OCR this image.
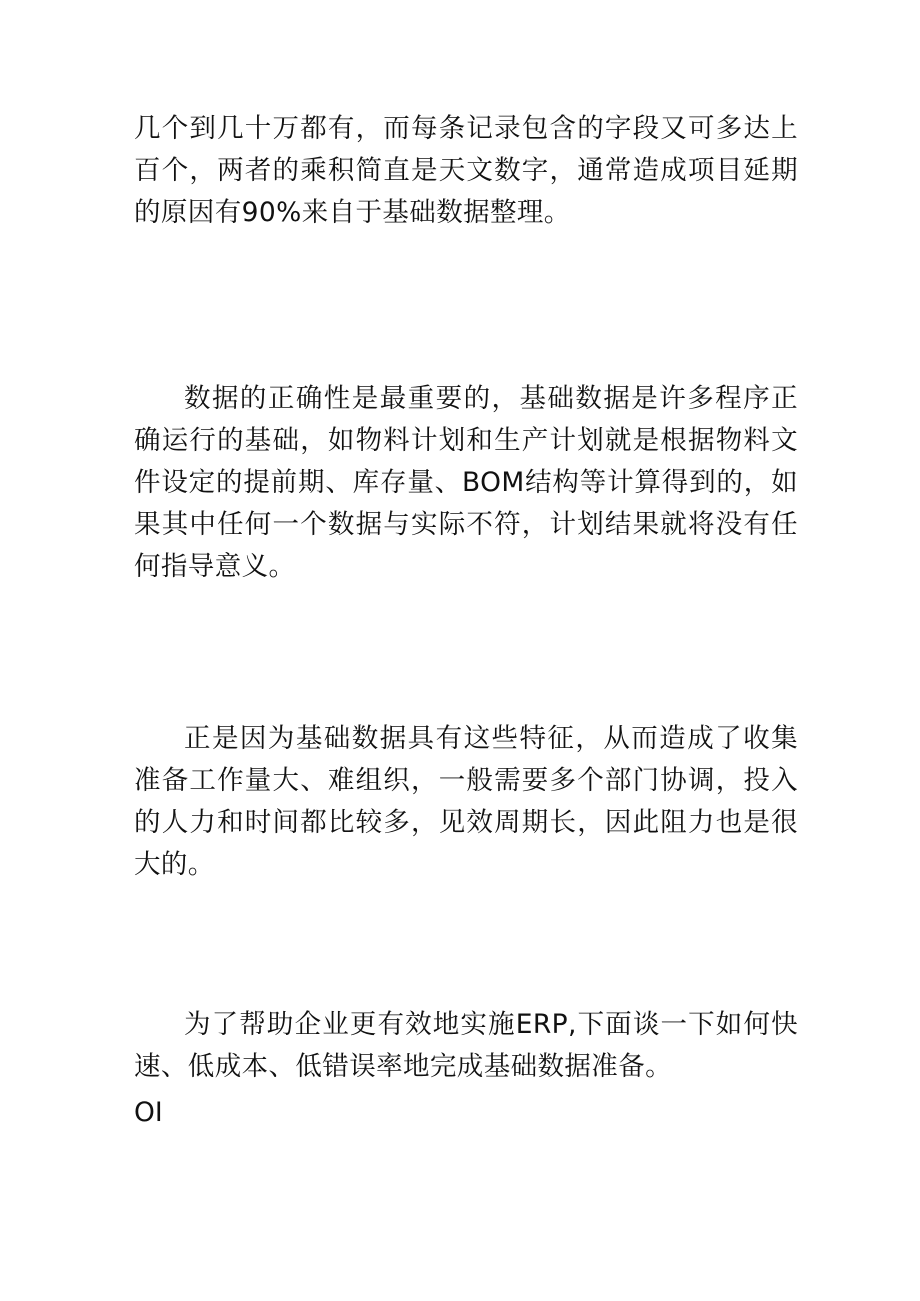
几个到几十万都有，而每条记录包含的字段又可多达上百个，两者的乘积简直是天文数字，通常造成项目延期的原因有90%来自于基础数据整理。

数据的正确性是最重要的，基础数据是许多程序正确运行的基础，如物料计划和生产计划就是根据物料文件设定的提前期、库存量、BOM结构等计算得到的，如果其中任何一个数据与实际不符，计划结果就将没有任何指导意义。

正是因为基础数据具有这些特征，从而造成了收集准备工作量大、难组织，一般需要多个部门协调，投入的人力和时间都比较多，见效周期长，因此阻力也是很大的。

为了帮助企业更有效地实施ERP,下面谈一下如何快速、低成本、低错误率地完成基础数据准备。

OI
